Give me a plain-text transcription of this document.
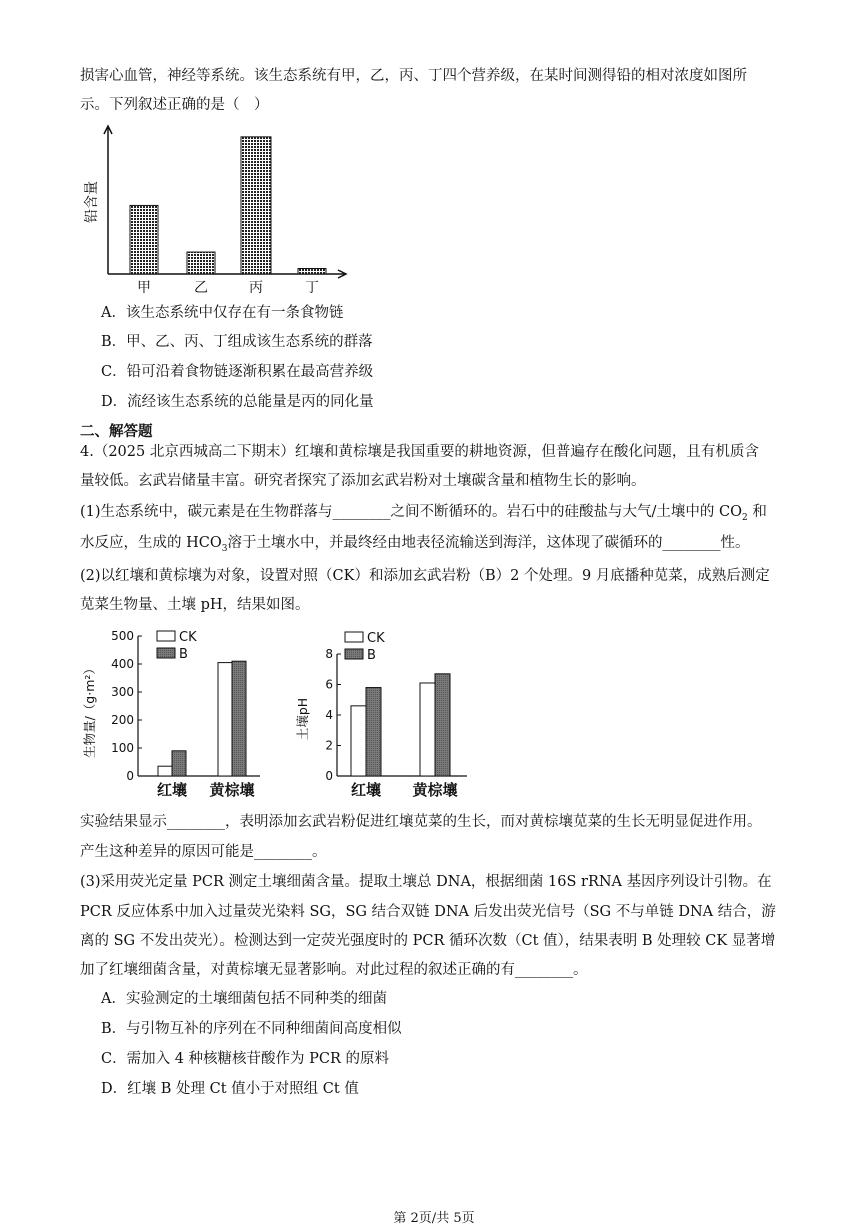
损害心血管，神经等系统。该生态系统有甲，乙，丙、丁四个营养级，在某时间测得铅的相对浓度如图所
示。下列叙述正确的是（　）
铅含量
甲	乙	丙	丁
A．该生态系统中仅存在有一条食物链
B．甲、乙、丙、丁组成该生态系统的群落
C．铅可沿着食物链逐渐积累在最高营养级
D．流经该生态系统的总能量是丙的同化量
二、解答题
4.（2025 北京西城高二下期末）红壤和黄棕壤是我国重要的耕地资源，但普遍存在酸化问题，且有机质含
量较低。玄武岩储量丰富。研究者探究了添加玄武岩粉对土壤碳含量和植物生长的影响。
(1)生态系统中，碳元素是在生物群落与________之间不断循环的。岩石中的硅酸盐与大气/土壤中的 $CO_2$ 和
水反应，生成的 $HCO_3$溶于土壤水中，并最终经由地表径流输送到海洋，这体现了碳循环的________性。
(2)以红壤和黄棕壤为对象，设置对照（CK）和添加玄武岩粉（B）2 个处理。9 月底播种苋菜，成熟后测定
苋菜生物量、土壤 pH，结果如图。
0
100
200
300
400
500
生物量/（g·m²）
CK
B
红壤 黄棕壤
0
2
4
6
8
土壤pH
CK
B
红壤 黄棕壤
实验结果显示________，表明添加玄武岩粉促进红壤苋菜的生长，而对黄棕壤苋菜的生长无明显促进作用。
产生这种差异的原因可能是________。
(3)采用荧光定量 PCR 测定土壤细菌含量。提取土壤总 DNA，根据细菌 16S rRNA 基因序列设计引物。在
PCR 反应体系中加入过量荧光染料 SG，SG 结合双链 DNA 后发出荧光信号（SG 不与单链 DNA 结合，游
离的 SG 不发出荧光）。检测达到一定荧光强度时的 PCR 循环次数（Ct 值），结果表明 B 处理较 CK 显著增
加了红壤细菌含量，对黄棕壤无显著影响。对此过程的叙述正确的有________。
A．实验测定的土壤细菌包括不同种类的细菌
B．与引物互补的序列在不同种细菌间高度相似
C．需加入 4 种核糖核苷酸作为 PCR 的原料
D．红壤 B 处理 Ct 值小于对照组 Ct 值
第 2页/共 5页
